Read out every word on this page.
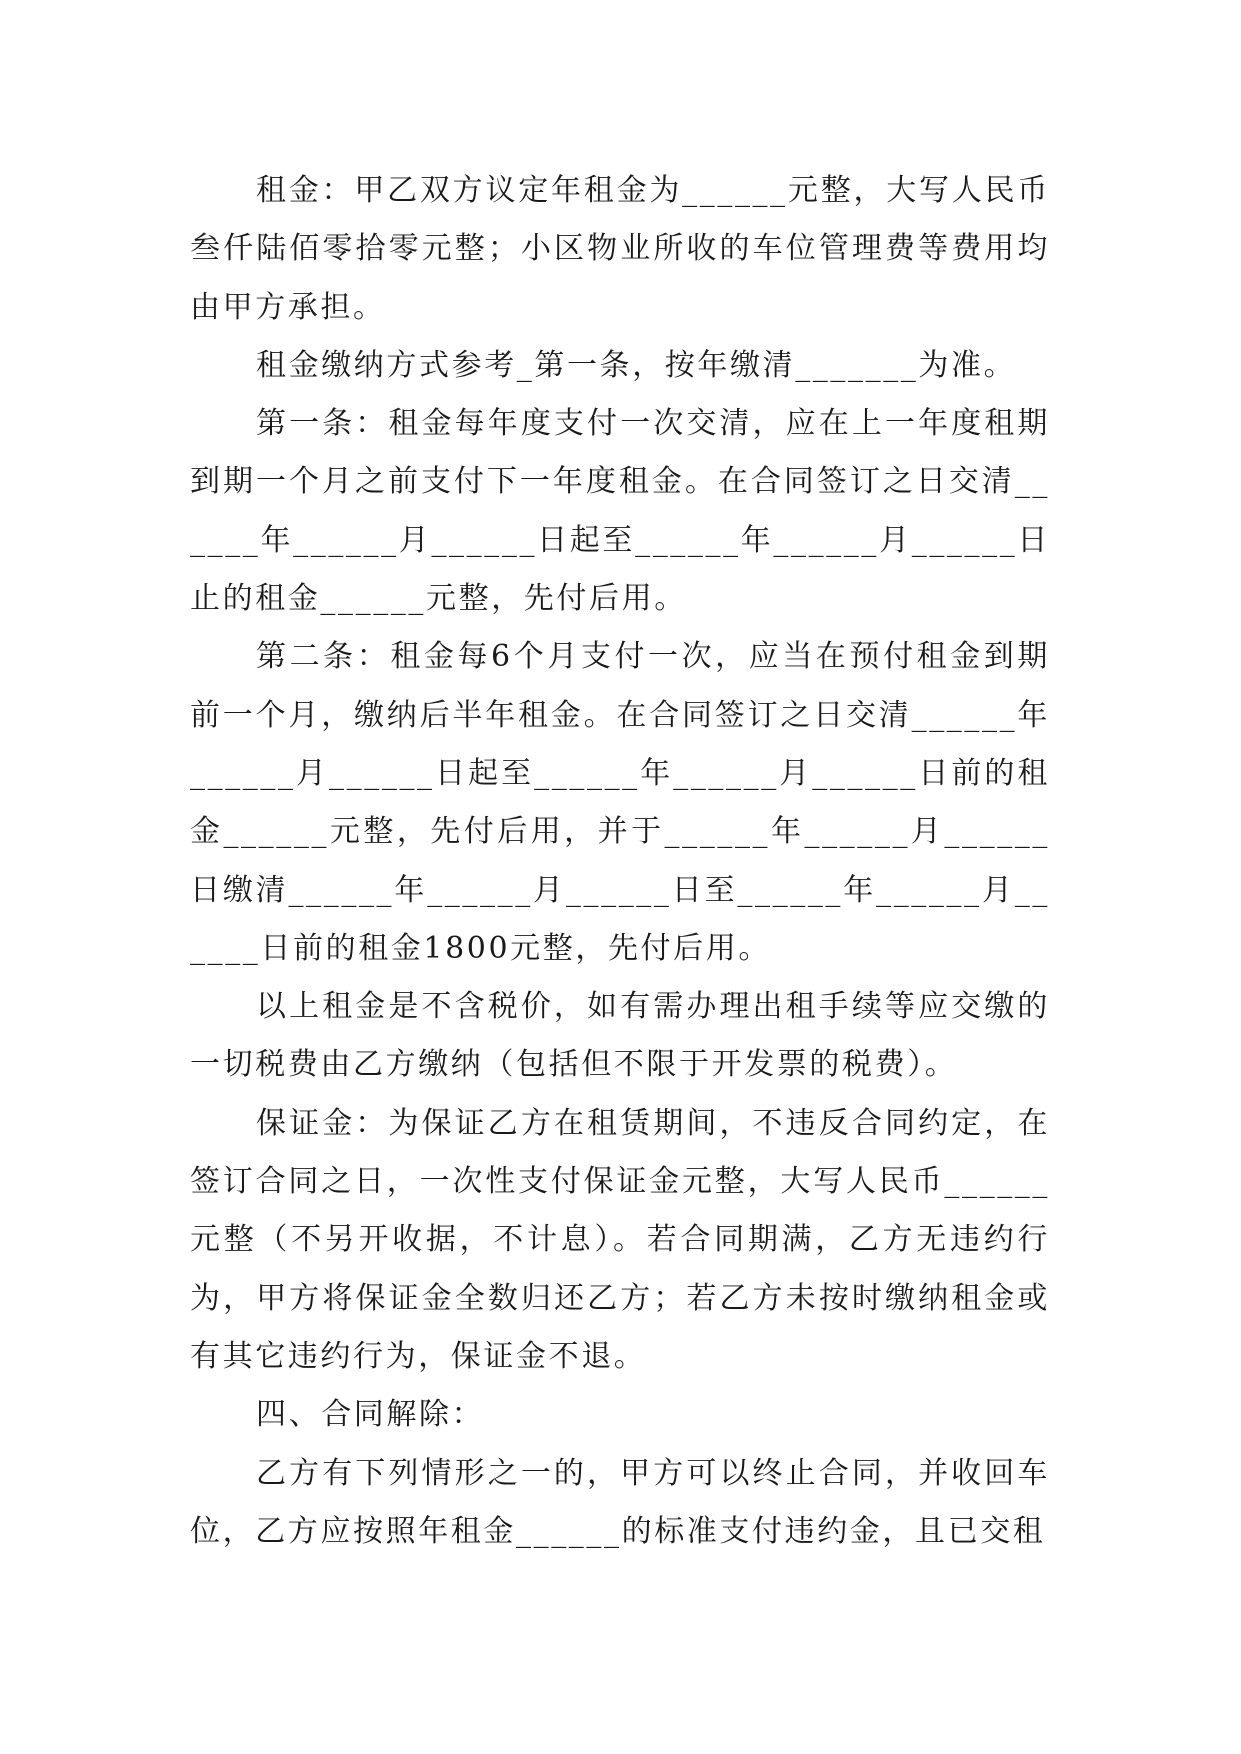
租金：甲乙双方议定年租金为______元整，大写人民币叁仟陆佰零拾零元整；小区物业所收的车位管理费等费用均由甲方承担。

租金缴纳方式参考_第一条，按年缴清_______为准。

第一条：租金每年度支付一次交清，应在上一年度租期到期一个月之前支付下一年度租金。在合同签订之日交清______年______月______日起至______年______月______日止的租金______元整，先付后用。

第二条：租金每6个月支付一次，应当在预付租金到期前一个月，缴纳后半年租金。在合同签订之日交清______年______月______日起至______年______月______日前的租金______元整，先付后用，并于______年______月______日缴清______年______月______日至______年______月______日前的租金1800元整，先付后用。

以上租金是不含税价，如有需办理出租手续等应交缴的一切税费由乙方缴纳（包括但不限于开发票的税费）。

保证金：为保证乙方在租赁期间，不违反合同约定，在签订合同之日，一次性支付保证金元整，大写人民币______元整（不另开收据，不计息）。若合同期满，乙方无违约行为，甲方将保证金全数归还乙方；若乙方未按时缴纳租金或有其它违约行为，保证金不退。

四、合同解除：

乙方有下列情形之一的，甲方可以终止合同，并收回车位，乙方应按照年租金______的标准支付违约金，且已交租
